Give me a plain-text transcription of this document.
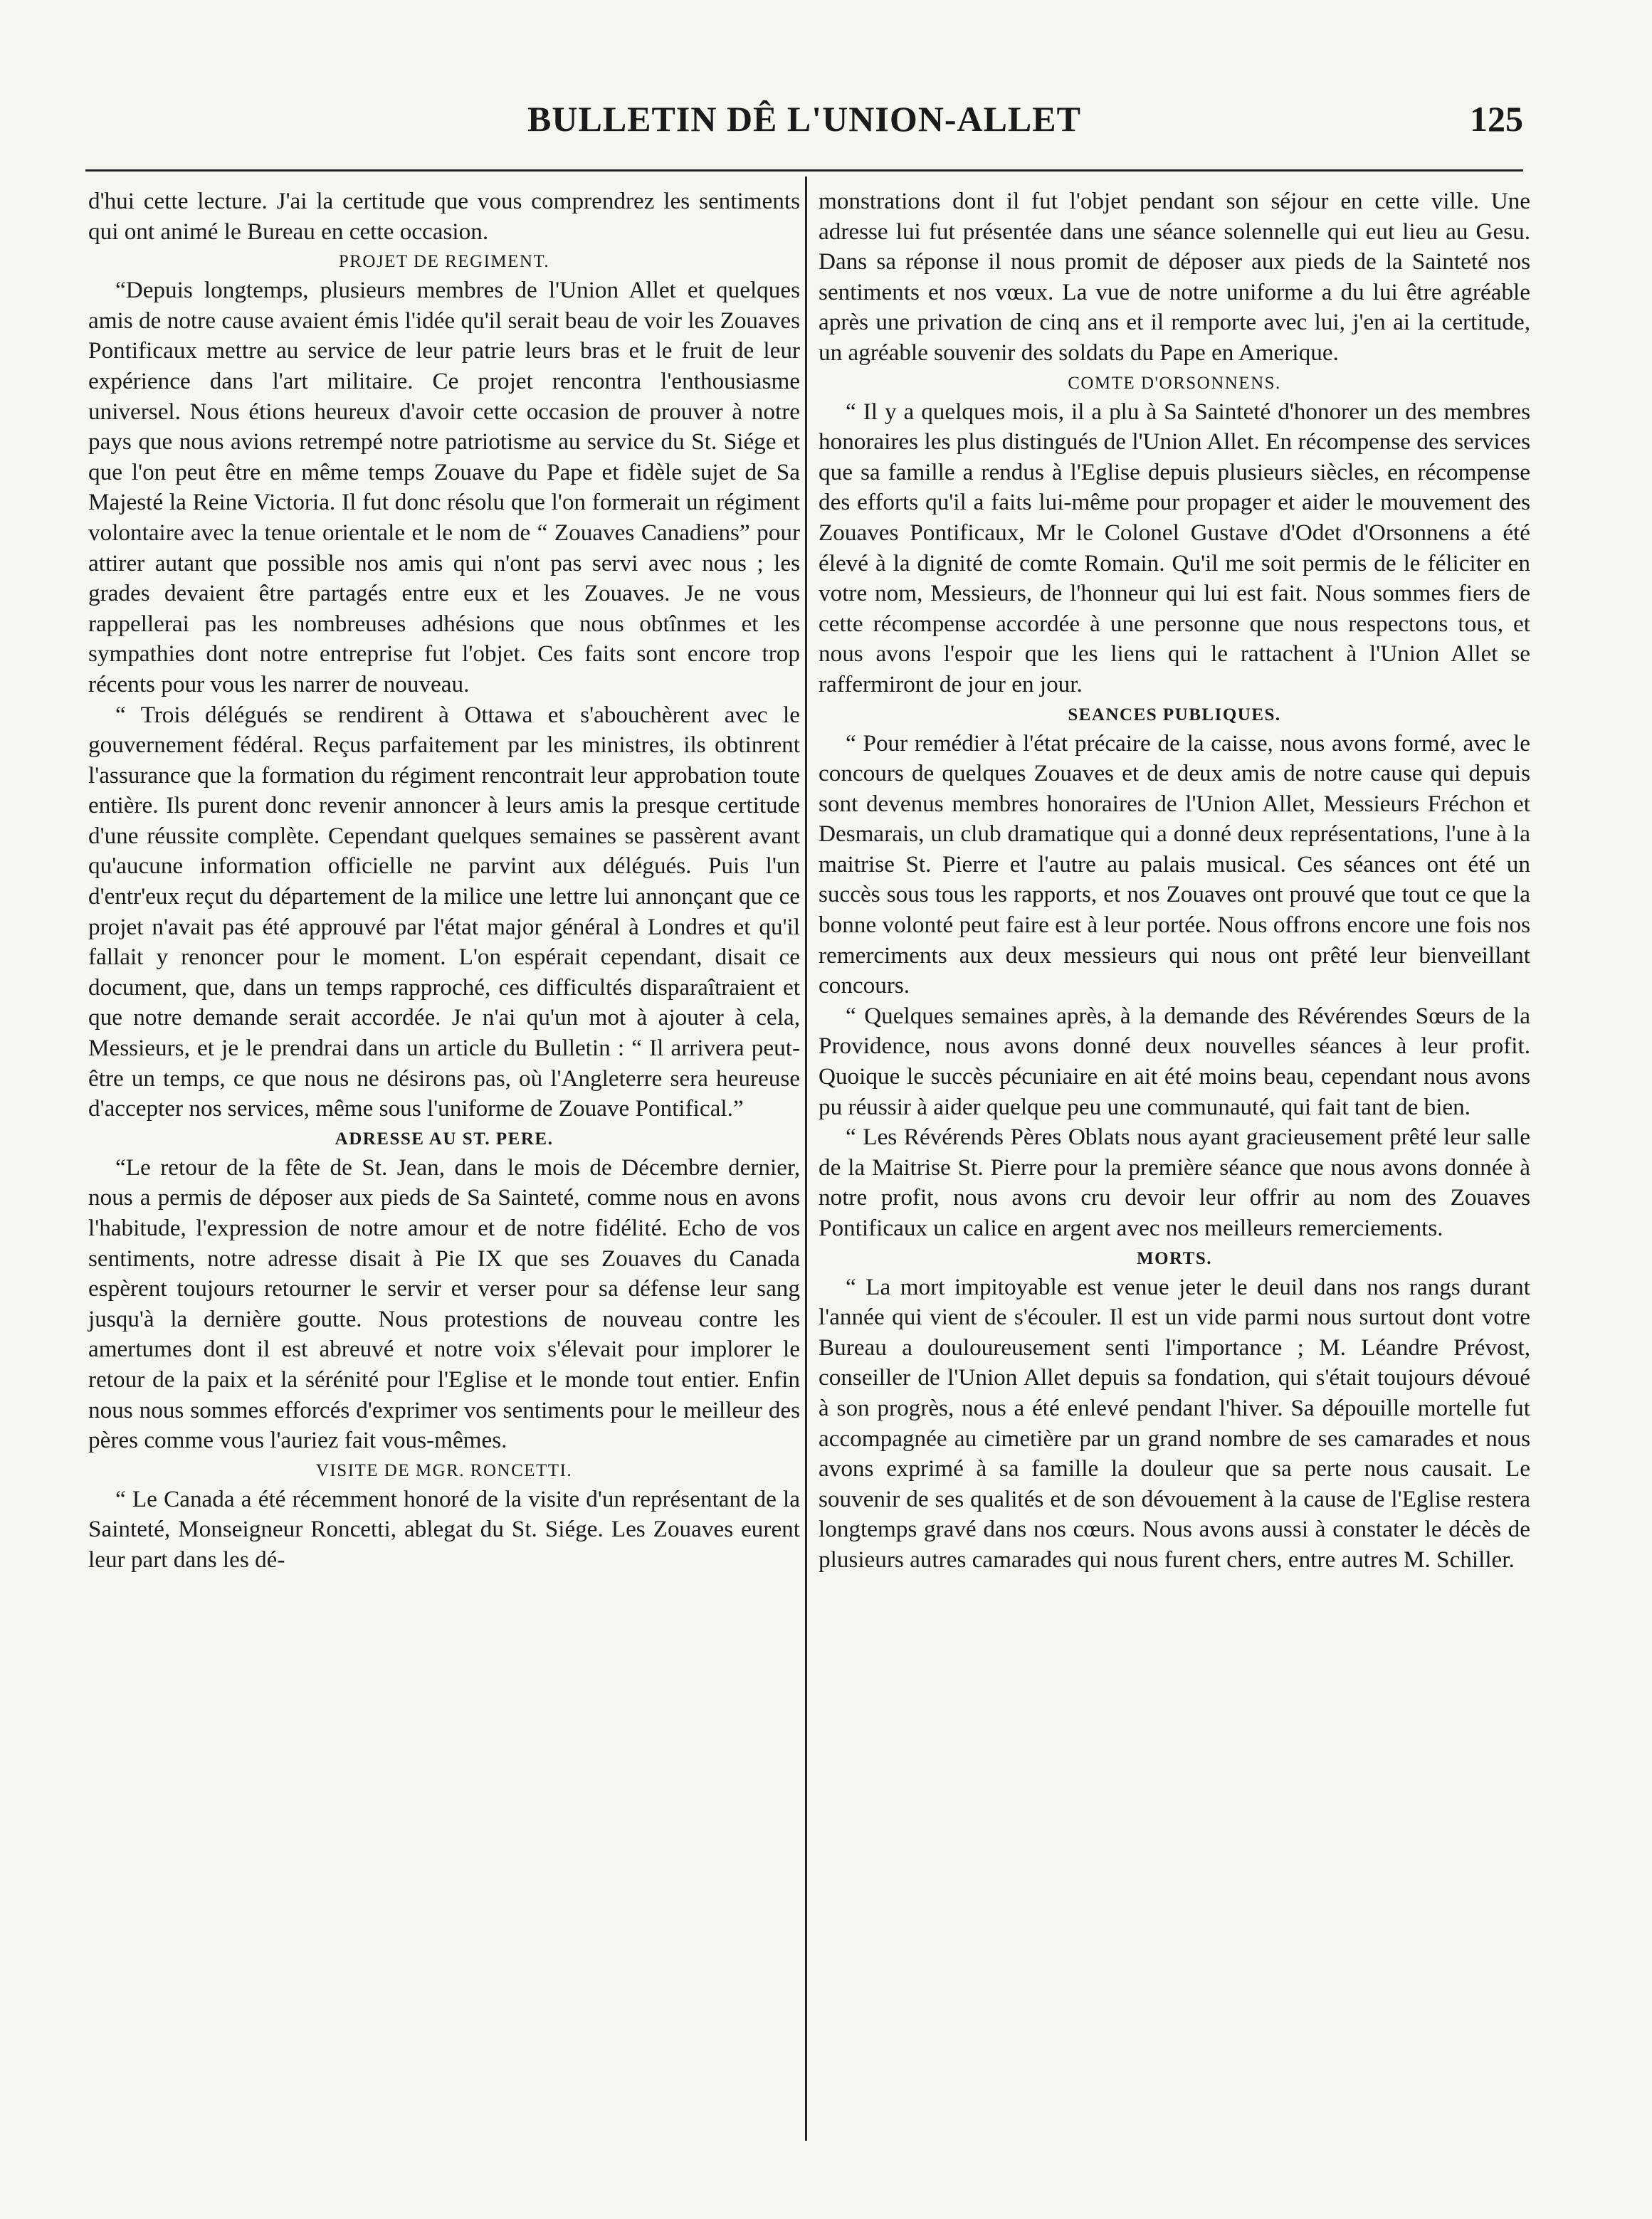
BULLETIN DÊ L'UNION-ALLET	125

d'hui cette lecture. J'ai la certitude que vous comprendrez les sentiments qui ont animé le Bureau en cette occasion.

PROJET DE REGIMENT.

“Depuis longtemps, plusieurs membres de l'Union Allet et quelques amis de notre cause avaient émis l'idée qu'il serait beau de voir les Zouaves Pontificaux mettre au service de leur patrie leurs bras et le fruit de leur expérience dans l'art militaire. Ce projet rencontra l'enthousiasme universel. Nous étions heureux d'avoir cette occasion de prouver à notre pays que nous avions retrempé notre patriotisme au service du St. Siége et que l'on peut être en même temps Zouave du Pape et fidèle sujet de Sa Majesté la Reine Victoria. Il fut donc résolu que l'on formerait un régiment volontaire avec la tenue orientale et le nom de “ Zouaves Canadiens” pour attirer autant que possible nos amis qui n'ont pas servi avec nous ; les grades devaient être partagés entre eux et les Zouaves. Je ne vous rappellerai pas les nombreuses adhésions que nous obtînmes et les sympathies dont notre entreprise fut l'objet. Ces faits sont encore trop récents pour vous les narrer de nouveau.

“ Trois délégués se rendirent à Ottawa et s'abouchèrent avec le gouvernement fédéral. Reçus parfaitement par les ministres, ils obtinrent l'assurance que la formation du régiment rencontrait leur approbation toute entière. Ils purent donc revenir annoncer à leurs amis la presque certitude d'une réussite complète. Cependant quelques semaines se passèrent avant qu'aucune information officielle ne parvint aux délégués. Puis l'un d'entr'eux reçut du département de la milice une lettre lui annonçant que ce projet n'avait pas été approuvé par l'état major général à Londres et qu'il fallait y renoncer pour le moment. L'on espérait cependant, disait ce document, que, dans un temps rapproché, ces difficultés disparaîtraient et que notre demande serait accordée. Je n'ai qu'un mot à ajouter à cela, Messieurs, et je le prendrai dans un article du Bulletin : “ Il arrivera peut-être un temps, ce que nous ne désirons pas, où l'Angleterre sera heureuse d'accepter nos services, même sous l'uniforme de Zouave Pontifical.”

ADRESSE AU ST. PERE.

“Le retour de la fête de St. Jean, dans le mois de Décembre dernier, nous a permis de déposer aux pieds de Sa Sainteté, comme nous en avons l'habitude, l'expression de notre amour et de notre fidélité. Echo de vos sentiments, notre adresse disait à Pie IX que ses Zouaves du Canada espèrent toujours retourner le servir et verser pour sa défense leur sang jusqu'à la dernière goutte. Nous protestions de nouveau contre les amertumes dont il est abreuvé et notre voix s'élevait pour implorer le retour de la paix et la sérénité pour l'Eglise et le monde tout entier. Enfin nous nous sommes efforcés d'exprimer vos sentiments pour le meilleur des pères comme vous l'auriez fait vous-mêmes.

VISITE DE MGR. RONCETTI.

“ Le Canada a été récemment honoré de la visite d'un représentant de la Sainteté, Monseigneur Roncetti, ablegat du St. Siége. Les Zouaves eurent leur part dans les dé-

monstrations dont il fut l'objet pendant son séjour en cette ville. Une adresse lui fut présentée dans une séance solennelle qui eut lieu au Gesu. Dans sa réponse il nous promit de déposer aux pieds de la Sainteté nos sentiments et nos vœux. La vue de notre uniforme a du lui être agréable après une privation de cinq ans et il remporte avec lui, j'en ai la certitude, un agréable souvenir des soldats du Pape en Amerique.

COMTE D'ORSONNENS.

“ Il y a quelques mois, il a plu à Sa Sainteté d'honorer un des membres honoraires les plus distingués de l'Union Allet. En récompense des services que sa famille a rendus à l'Eglise depuis plusieurs siècles, en récompense des efforts qu'il a faits lui-même pour propager et aider le mouvement des Zouaves Pontificaux, Mr le Colonel Gustave d'Odet d'Orsonnens a été élevé à la dignité de comte Romain. Qu'il me soit permis de le féliciter en votre nom, Messieurs, de l'honneur qui lui est fait. Nous sommes fiers de cette récompense accordée à une personne que nous respectons tous, et nous avons l'espoir que les liens qui le rattachent à l'Union Allet se raffermiront de jour en jour.

SEANCES PUBLIQUES.

“ Pour remédier à l'état précaire de la caisse, nous avons formé, avec le concours de quelques Zouaves et de deux amis de notre cause qui depuis sont devenus membres honoraires de l'Union Allet, Messieurs Fréchon et Desmarais, un club dramatique qui a donné deux représentations, l'une à la maitrise St. Pierre et l'autre au palais musical. Ces séances ont été un succès sous tous les rapports, et nos Zouaves ont prouvé que tout ce que la bonne volonté peut faire est à leur portée. Nous offrons encore une fois nos remerciments aux deux messieurs qui nous ont prêté leur bienveillant concours.

“ Quelques semaines après, à la demande des Révérendes Sœurs de la Providence, nous avons donné deux nouvelles séances à leur profit. Quoique le succès pécuniaire en ait été moins beau, cependant nous avons pu réussir à aider quelque peu une communauté, qui fait tant de bien.

“ Les Révérends Pères Oblats nous ayant gracieusement prêté leur salle de la Maitrise St. Pierre pour la première séance que nous avons donnée à notre profit, nous avons cru devoir leur offrir au nom des Zouaves Pontificaux un calice en argent avec nos meilleurs remerciements.

MORTS.

“ La mort impitoyable est venue jeter le deuil dans nos rangs durant l'année qui vient de s'écouler. Il est un vide parmi nous surtout dont votre Bureau a douloureusement senti l'importance ; M. Léandre Prévost, conseiller de l'Union Allet depuis sa fondation, qui s'était toujours dévoué à son progrès, nous a été enlevé pendant l'hiver. Sa dépouille mortelle fut accompagnée au cimetière par un grand nombre de ses camarades et nous avons exprimé à sa famille la douleur que sa perte nous causait. Le souvenir de ses qualités et de son dévouement à la cause de l'Eglise restera longtemps gravé dans nos cœurs. Nous avons aussi à constater le décès de plusieurs autres camarades qui nous furent chers, entre autres M. Schiller.
